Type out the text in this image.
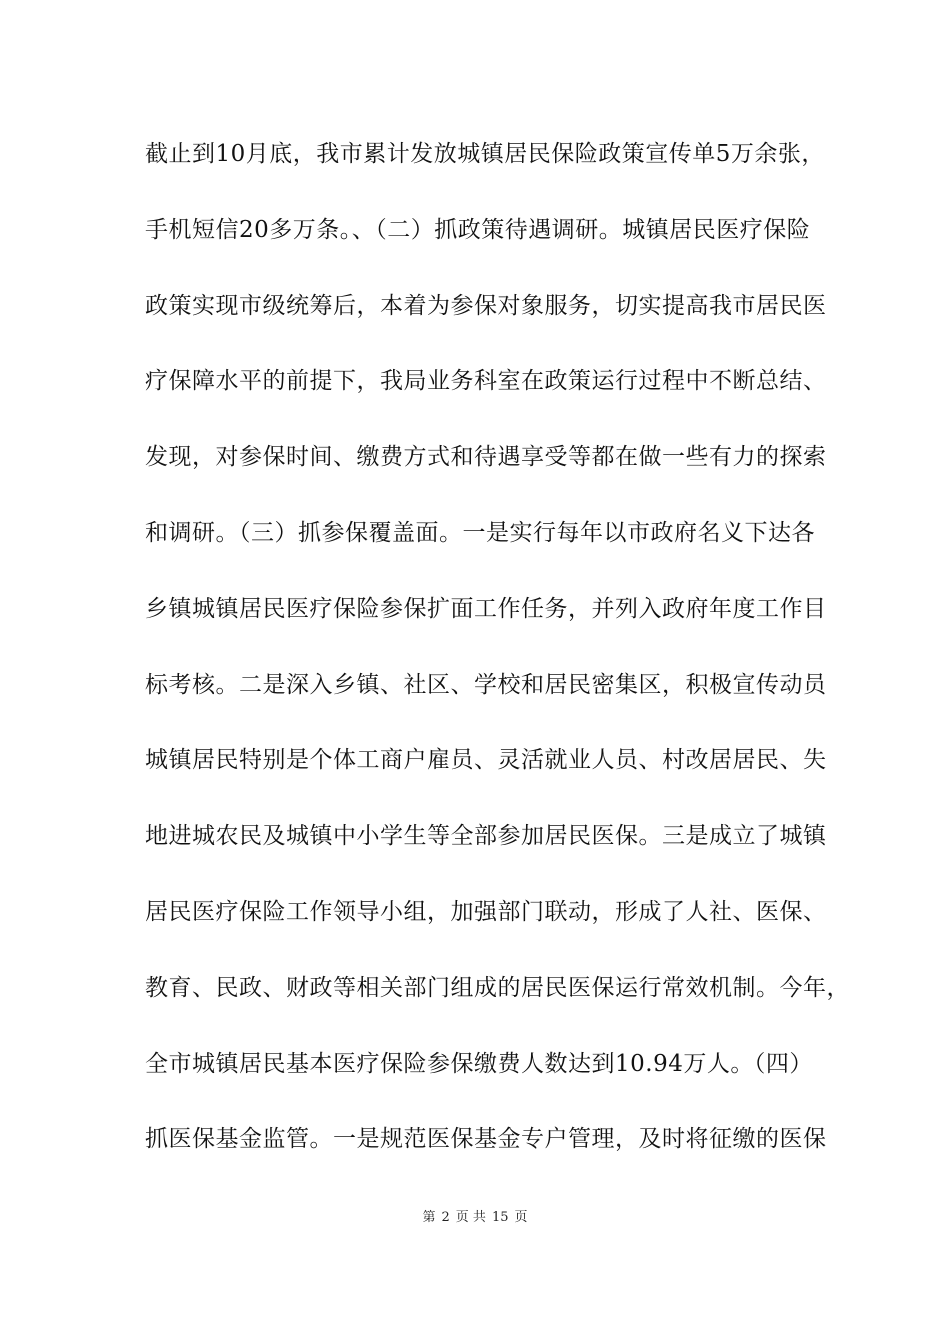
截止到10月底，我市累计发放城镇居民保险政策宣传单5万余张，
手机短信20多万条。、（二）抓政策待遇调研。城镇居民医疗保险
政策实现市级统筹后，本着为参保对象服务，切实提高我市居民医
疗保障水平的前提下，我局业务科室在政策运行过程中不断总结、
发现，对参保时间、缴费方式和待遇享受等都在做一些有力的探索
和调研。（三）抓参保覆盖面。一是实行每年以市政府名义下达各
乡镇城镇居民医疗保险参保扩面工作任务，并列入政府年度工作目
标考核。二是深入乡镇、社区、学校和居民密集区，积极宣传动员
城镇居民特别是个体工商户雇员、灵活就业人员、村改居居民、失
地进城农民及城镇中小学生等全部参加居民医保。三是成立了城镇
居民医疗保险工作领导小组，加强部门联动，形成了人社、医保、
教育、民政、财政等相关部门组成的居民医保运行常效机制。今年，
全市城镇居民基本医疗保险参保缴费人数达到10.94万人。（四）
抓医保基金监管。一是规范医保基金专户管理，及时将征缴的医保
第 2 页 共 15 页
